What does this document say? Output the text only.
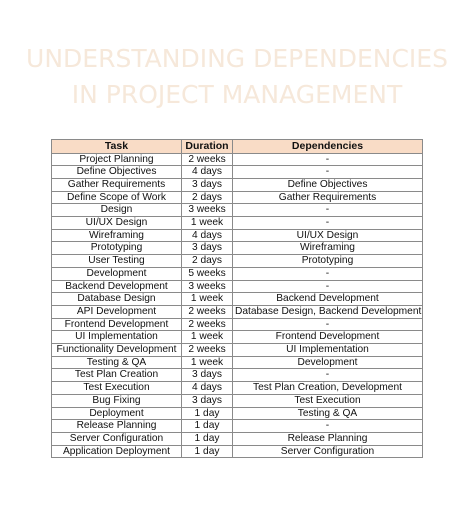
UNDERSTANDING DEPENDENCIES
IN PROJECT MANAGEMENT
Task	Duration	Dependencies
Project Planning	2 weeks	-
Define Objectives	4 days	-
Gather Requirements	3 days	Define Objectives
Define Scope of Work	2 days	Gather Requirements
Design	3 weeks	-
UI/UX Design	1 week	-
Wireframing	4 days	UI/UX Design
Prototyping	3 days	Wireframing
User Testing	2 days	Prototyping
Development	5 weeks	-
Backend Development	3 weeks	-
Database Design	1 week	Backend Development
API Development	2 weeks	Database Design, Backend Development
Frontend Development	2 weeks	-
UI Implementation	1 week	Frontend Development
Functionality Development	2 weeks	UI Implementation
Testing & QA	1 week	Development
Test Plan Creation	3 days	-
Test Execution	4 days	Test Plan Creation, Development
Bug Fixing	3 days	Test Execution
Deployment	1 day	Testing & QA
Release Planning	1 day	-
Server Configuration	1 day	Release Planning
Application Deployment	1 day	Server Configuration
